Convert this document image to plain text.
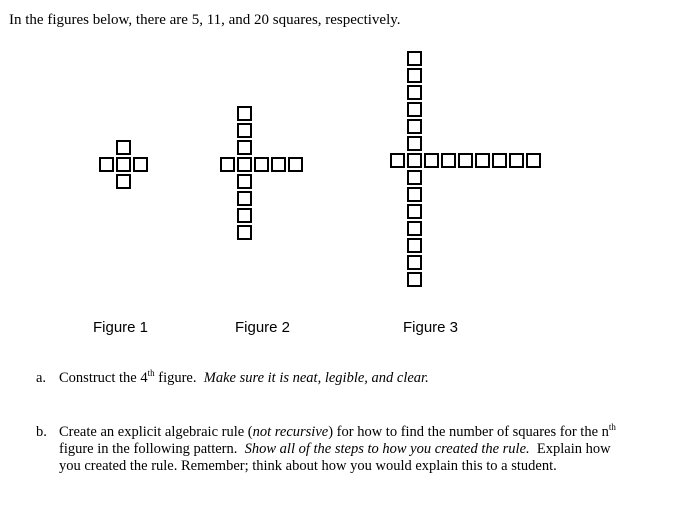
In the figures below, there are 5, 11, and 20 squares, respectively.

Figure 1	Figure 2	Figure 3
a. Construct the 4th figure. Make sure it is neat, legible, and clear.
b. Create an explicit algebraic rule (not recursive) for how to find the number of squares for the $n^{th}$
figure in the following pattern. Show all of the steps to how you created the rule. Explain how
you created the rule. Remember; think about how you would explain this to a student.
